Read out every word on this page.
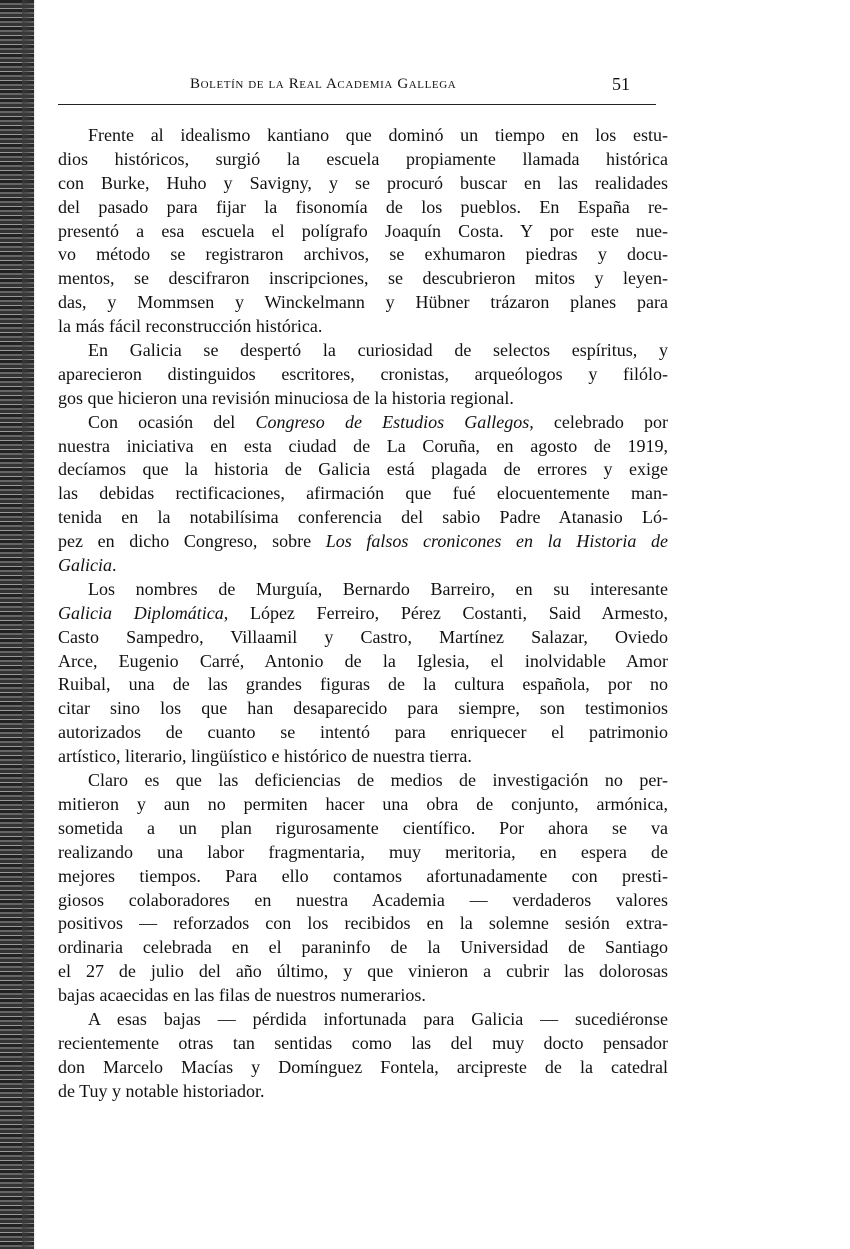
Boletín de la Real Academia Gallega	51
Frente al idealismo kantiano que dominó un tiempo en los estu-
dios históricos, surgió la escuela propiamente llamada histórica
con Burke, Huho y Savigny, y se procuró buscar en las realidades
del pasado para fijar la fisonomía de los pueblos. En España re-
presentó a esa escuela el polígrafo Joaquín Costa. Y por este nue-
vo método se registraron archivos, se exhumaron piedras y docu-
mentos, se descifraron inscripciones, se descubrieron mitos y leyen-
das, y Mommsen y Winckelmann y Hübner trázaron planes para
la más fácil reconstrucción histórica.
En Galicia se despertó la curiosidad de selectos espíritus, y
aparecieron distinguidos escritores, cronistas, arqueólogos y filólo-
gos que hicieron una revisión minuciosa de la historia regional.
Con ocasión del Congreso de Estudios Gallegos, celebrado por
nuestra iniciativa en esta ciudad de La Coruña, en agosto de 1919,
decíamos que la historia de Galicia está plagada de errores y exige
las debidas rectificaciones, afirmación que fué elocuentemente man-
tenida en la notabilísima conferencia del sabio Padre Atanasio Ló-
pez en dicho Congreso, sobre Los falsos cronicones en la Historia de
Galicia.
Los nombres de Murguía, Bernardo Barreiro, en su interesante
Galicia Diplomática, López Ferreiro, Pérez Costanti, Said Armesto,
Casto Sampedro, Villaamil y Castro, Martínez Salazar, Oviedo
Arce, Eugenio Carré, Antonio de la Iglesia, el inolvidable Amor
Ruibal, una de las grandes figuras de la cultura española, por no
citar sino los que han desaparecido para siempre, son testimonios
autorizados de cuanto se intentó para enriquecer el patrimonio
artístico, literario, lingüístico e histórico de nuestra tierra.
Claro es que las deficiencias de medios de investigación no per-
mitieron y aun no permiten hacer una obra de conjunto, armónica,
sometida a un plan rigurosamente científico. Por ahora se va
realizando una labor fragmentaria, muy meritoria, en espera de
mejores tiempos. Para ello contamos afortunadamente con presti-
giosos colaboradores en nuestra Academia — verdaderos valores
positivos — reforzados con los recibidos en la solemne sesión extra-
ordinaria celebrada en el paraninfo de la Universidad de Santiago
el 27 de julio del año último, y que vinieron a cubrir las dolorosas
bajas acaecidas en las filas de nuestros numerarios.
A esas bajas — pérdida infortunada para Galicia — sucediéronse
recientemente otras tan sentidas como las del muy docto pensador
don Marcelo Macías y Domínguez Fontela, arcipreste de la catedral
de Tuy y notable historiador.
